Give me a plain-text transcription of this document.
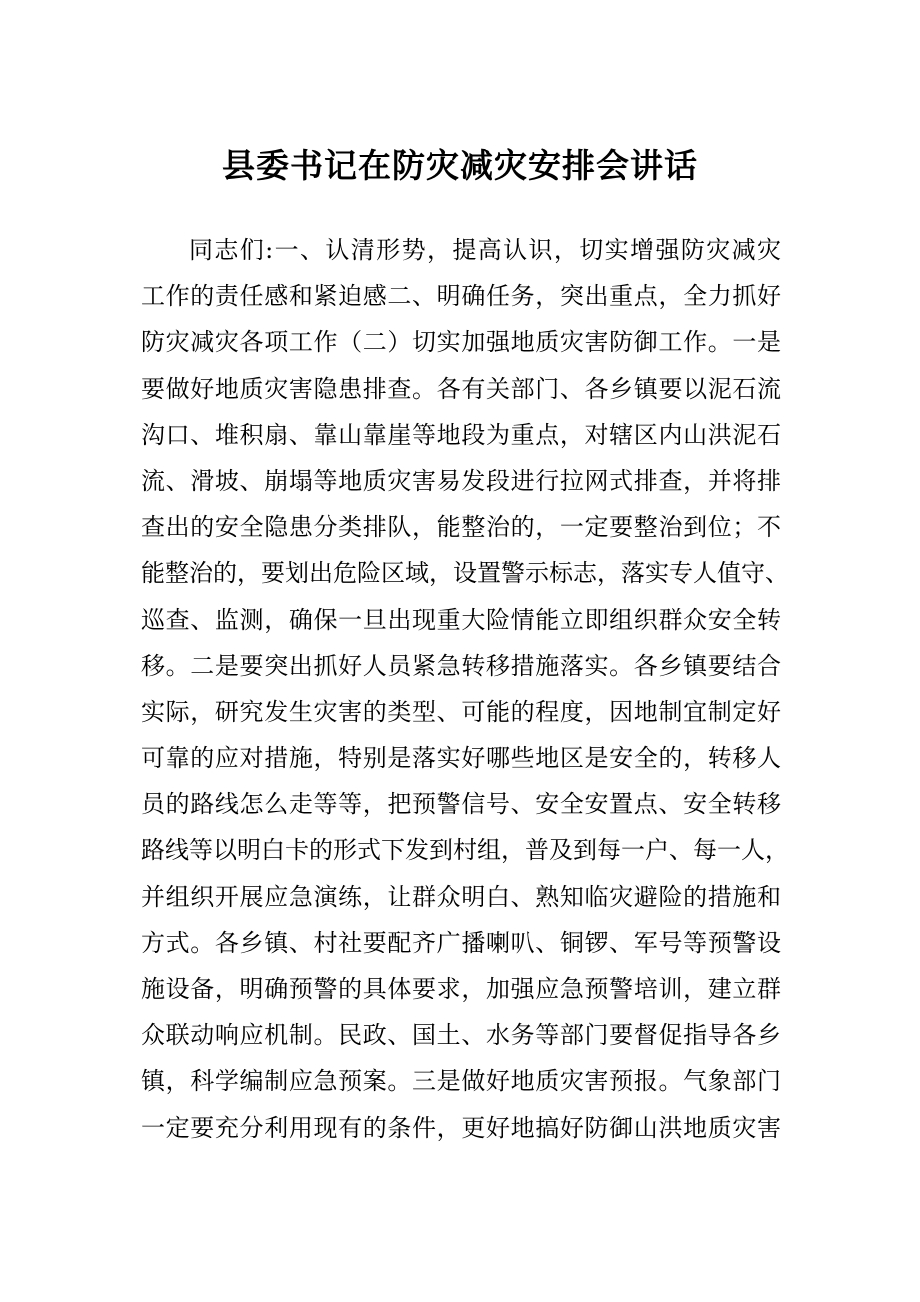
县委书记在防灾减灾安排会讲话
同志们:一、认清形势，提高认识，切实增强防灾减灾
工作的责任感和紧迫感二、明确任务，突出重点，全力抓好
防灾减灾各项工作（二）切实加强地质灾害防御工作。一是
要做好地质灾害隐患排查。各有关部门、各乡镇要以泥石流
沟口、堆积扇、靠山靠崖等地段为重点，对辖区内山洪泥石
流、滑坡、崩塌等地质灾害易发段进行拉网式排查，并将排
查出的安全隐患分类排队，能整治的，一定要整治到位；不
能整治的，要划出危险区域，设置警示标志，落实专人值守、
巡查、监测，确保一旦出现重大险情能立即组织群众安全转
移。二是要突出抓好人员紧急转移措施落实。各乡镇要结合
实际，研究发生灾害的类型、可能的程度，因地制宜制定好
可靠的应对措施，特别是落实好哪些地区是安全的，转移人
员的路线怎么走等等，把预警信号、安全安置点、安全转移
路线等以明白卡的形式下发到村组，普及到每一户、每一人，
并组织开展应急演练，让群众明白、熟知临灾避险的措施和
方式。各乡镇、村社要配齐广播喇叭、铜锣、军号等预警设
施设备，明确预警的具体要求，加强应急预警培训，建立群
众联动响应机制。民政、国土、水务等部门要督促指导各乡
镇，科学编制应急预案。三是做好地质灾害预报。气象部门
一定要充分利用现有的条件，更好地搞好防御山洪地质灾害
